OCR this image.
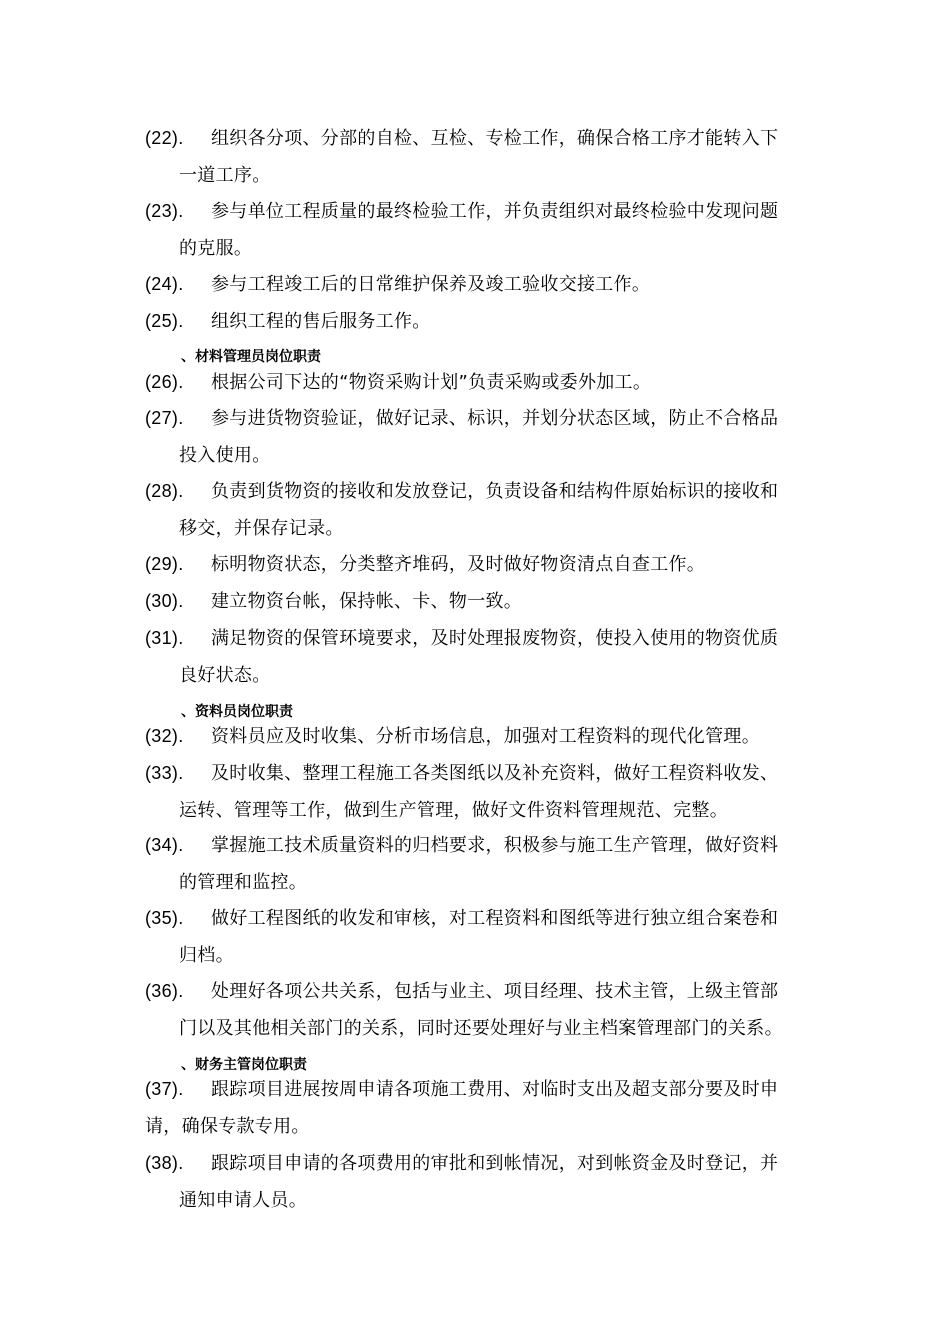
(22).	组织各分项、分部的自检、互检、专检工作，确保合格工序才能转入下
一道工序。
(23).	参与单位工程质量的最终检验工作，并负责组织对最终检验中发现问题
的克服。
(24).	参与工程竣工后的日常维护保养及竣工验收交接工作。
(25).	组织工程的售后服务工作。
、材料管理员岗位职责
(26).	根据公司下达的“物资采购计划”负责采购或委外加工。
(27).	参与进货物资验证，做好记录、标识，并划分状态区域，防止不合格品
投入使用。
(28).	负责到货物资的接收和发放登记，负责设备和结构件原始标识的接收和
移交，并保存记录。
(29).	标明物资状态，分类整齐堆码，及时做好物资清点自查工作。
(30).	建立物资台帐，保持帐、卡、物一致。
(31).	满足物资的保管环境要求，及时处理报废物资，使投入使用的物资优质
良好状态。
、资料员岗位职责
(32).	资料员应及时收集、分析市场信息，加强对工程资料的现代化管理。
(33).	及时收集、整理工程施工各类图纸以及补充资料，做好工程资料收发、
运转、管理等工作，做到生产管理，做好文件资料管理规范、完整。
(34).	掌握施工技术质量资料的归档要求，积极参与施工生产管理，做好资料
的管理和监控。
(35).	做好工程图纸的收发和审核，对工程资料和图纸等进行独立组合案卷和
归档。
(36).	处理好各项公共关系，包括与业主、项目经理、技术主管，上级主管部
门以及其他相关部门的关系，同时还要处理好与业主档案管理部门的关系。
、财务主管岗位职责
(37).	跟踪项目进展按周申请各项施工费用、对临时支出及超支部分要及时申
请，确保专款专用。
(38).	跟踪项目申请的各项费用的审批和到帐情况，对到帐资金及时登记，并
通知申请人员。
